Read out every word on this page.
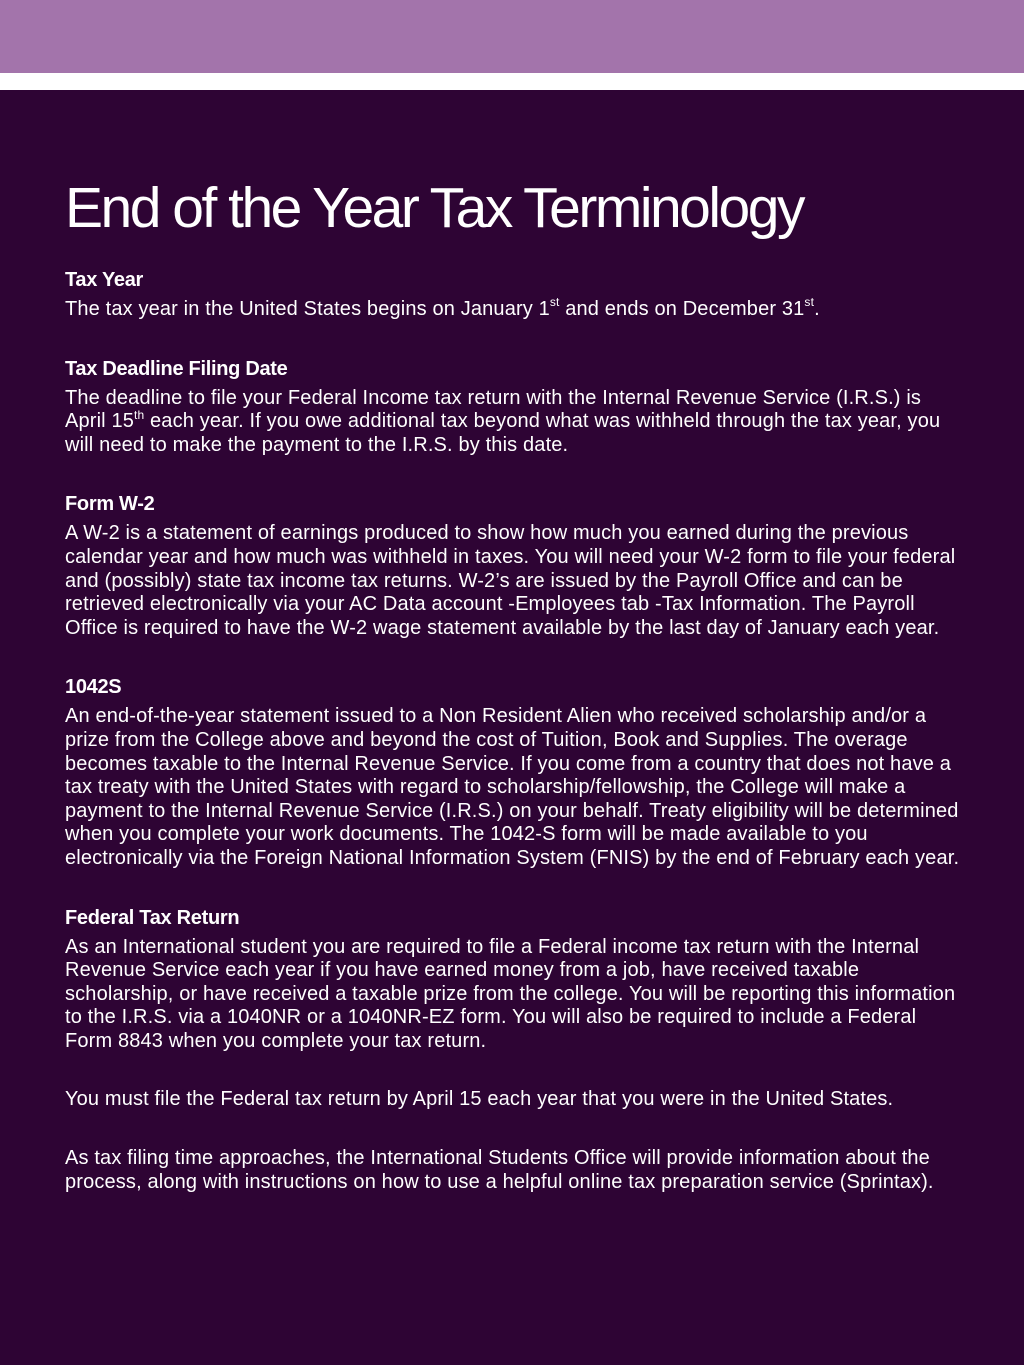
End of the Year Tax Terminology
Tax Year

The tax year in the United States begins on January 1st and ends on December 31st.

Tax Deadline Filing Date

The deadline to file your Federal Income tax return with the Internal Revenue Service (I.R.S.) is April 15th each year. If you owe additional tax beyond what was withheld through the tax year, you will need to make the payment to the I.R.S. by this date.

Form W-2

A W-2 is a statement of earnings produced to show how much you earned during the previous calendar year and how much was withheld in taxes. You will need your W-2 form to file your federal and (possibly) state tax income tax returns. W-2’s are issued by the Payroll Office and can be retrieved electronically via your AC Data account -Employees tab -Tax Information. The Payroll Office is required to have the W-2 wage statement available by the last day of January each year.

1042S

An end-of-the-year statement issued to a Non Resident Alien who received scholarship and/or a prize from the College above and beyond the cost of Tuition, Book and Supplies. The overage becomes taxable to the Internal Revenue Service. If you come from a country that does not have a tax treaty with the United States with regard to scholarship/fellowship, the College will make a payment to the Internal Revenue Service (I.R.S.) on your behalf. Treaty eligibility will be determined when you complete your work documents. The 1042-S form will be made available to you electronically via the Foreign National Information System (FNIS) by the end of February each year.

Federal Tax Return

As an International student you are required to file a Federal income tax return with the Internal Revenue Service each year if you have earned money from a job, have received taxable scholarship, or have received a taxable prize from the college. You will be reporting this information to the I.R.S. via a 1040NR or a 1040NR-EZ form. You will also be required to include a Federal Form 8843 when you complete your tax return.

You must file the Federal tax return by April 15 each year that you were in the United States.

As tax filing time approaches, the International Students Office will provide information about the process, along with instructions on how to use a helpful online tax preparation service (Sprintax).
